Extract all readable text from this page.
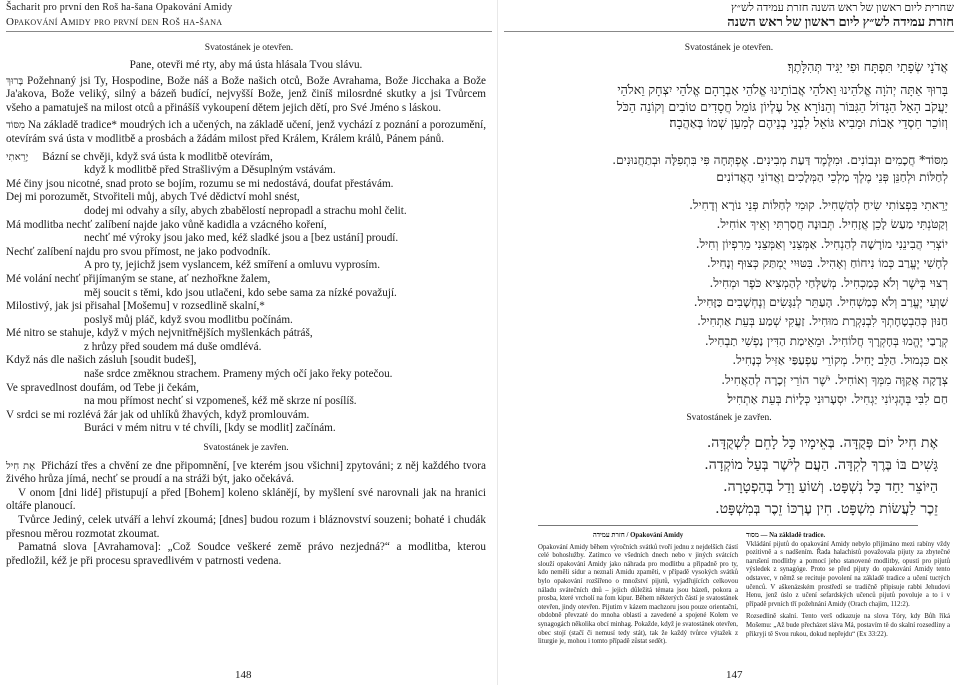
Šacharit pro první den Roš ha-šana Opakování Amidy
Opakování Amidy pro první den Roš ha-šana
Svatostánek je otevřen.

Pane, otevři mé rty, aby má ústa hlásala Tvou slávu.

בָּרוּךְ Požehnaný jsi Ty, Hospodine, Bože náš a Bože našich otců, Bože Avrahama, Bože Jicchaka a Bože Ja'akova, Bože veliký, silný a bázeň budící, nejvyšší Bože, jenž činíš milosrdné skutky a jsi Tvůrcem všeho a pamatuješ na milost otců a přinášíš vykoupení dětem jejich dětí, pro Své Jméno s láskou.

מִסּוֹד Na základě tradice* moudrých ich a učených, na základě učení, jenž vychází z poznání a porozumění, otevírám svá ústa v modlitbě a prosbách a žádám milost před Králem, Králem králů, Pánem pánů.

יָרֵאתִי Bázní se chvěji, když svá ústa k modlitbě otevírám,

když k modlitbě před Strašlivým a Děsuplným vstávám.

Mé činy jsou nicotné, snad proto se bojím, rozumu se mi nedostává, doufat přestávám.

Dej mi porozumět, Stvořiteli můj, abych Tvé dědictví mohl snést,

dodej mi odvahy a síly, abych zbabělostí nepropadl a strachu mohl čelit.

Má modlitba nechť zalíbení najde jako vůně kadidla a vzácného koření,

nechť mé výroky jsou jako med, kéž sladké jsou a [bez ustání] proudí.

Nechť zalíbení najdu pro svou přímost, ne jako podvodník.

A pro ty, jejichž jsem vyslancem, kéž smíření a omluvu vyprosím.

Mé volání nechť přijímaným se stane, ať nezhořkne žalem,

měj soucit s těmi, kdo jsou utlačeni, kdo sebe sama za nízké považují.

Milostivý, jak jsi přisahal [Mošemu] v rozsedlině skalní,*

poslyš můj pláč, když svou modlitbu počínám.

Mé nitro se stahuje, když v mých nejvnitřnějších myšlenkách pátráš,

z hrůzy před soudem má duše omdlévá.

Když nás dle našich zásluh [soudit budeš],

naše srdce změknou strachem. Prameny mých očí jako řeky potečou.

Ve spravedlnost doufám, od Tebe ji čekám,

na mou přímost nechť si vzpomeneš, kéž mě skrze ní posílíš.

V srdci se mi rozlévá žár jak od uhlíků žhavých, když promlouvám.

Buráci v mém nitru v té chvíli, [kdy se modlit] začínám.

Svatostánek je zavřen.

אֶת חִיל Přichází třes a chvění ze dne připomnění, [ve kterém jsou všichni] zpytováni; z něj každého tvora živého hrůza jímá, nechť se proudí a na stráži být, jako očekává.

V onom [dni lidé] přistupují a před [Bohem] koleno sklánějí, by myšlení své narovnali jak na hranici oltáře planoucí.

Tvůrce Jediný, celek utváří a lehví zkoumá; [dnes] budou rozum i bláznovství souzeni; bohaté i chudák přesnou měrou rozmotat zkoumat.

Pamatná slova [Avrahamova]: „Což Soudce veškeré země právo nezjedná?“ a modlitba, kterou předložil, kéž je při procesu spravedlivém v patrnosti vedena.

148
שחרית ליום ראשון של ראש השנה חזרת עמידה לש״ץ
חזרת עמידה לש״ץ ליום ראשון של ראש השנה
Svatostánek je otevřen.
אֲדֹנָי שְׂפָתַי תִּפְתָּח וּפִי יַגִּיד תְּהִלָּתֶךָ׃

בָּרוּךְ אַתָּה יְהֹוָה אֱלֹהֵינוּ וֵאלֹהֵי אֲבוֹתֵינוּ אֱלֹהֵי אַבְרָהָם אֱלֹהֵי יִצְחָק וֵאלֹהֵי

יַעֲקֹב הָאֵל הַגָּדוֹל הַגִּבּוֹר וְהַנּוֹרָא אֵל עֶלְיוֹן גּוֹמֵל חֲסָדִים טוֹבִים וְקוֹנֵה הַכֹּל

וְזוֹכֵר חַסְדֵי אָבוֹת וּמֵבִיא גּוֹאֵל לִבְנֵי בְנֵיהֶם לְמַעַן שְׁמוֹ בְּאַהֲבָה׃

מִסּוֹד* חֲכָמִים וּנְבוֹנִים. וּמִלֶּמֶד דַּעַת מְבִינִים. אֶפְתְּחָה פִּי בִּתְפִלָּה וּבְתַחֲנוּנִים.

לְחַלּוֹת וּלְחַנֵּן פְּנֵי מֶלֶךְ מַלְכֵי הַמְּלָכִים וַאֲדוֹנֵי הָאֲדוֹנִים׃

יָרֵאתִי בִּפְצוֹתִי שִׂיחַ לְהַשְׁחִיל. קוּמִי לְחַלּוֹת פְּנֵי נוֹרָא וְדָחִיל.

וְקַטֹּנְתִּי מַעַשׂ לָכֵן אֲזָחִיל. תְּבוּנָה חֲסַרְתִּי וְאֵיךְ אוֹחִיל.

יוֹצְרִי הֲבִינֵנִי מוֹרָשָׁה לְהַנְחִיל. אַמְּצֵנִי וְאַמְּצֵנִי מֵרִפְיוֹן וְחִיל.

לְחָשִׁי יֶעֱרַב כְּמוֹ נִיחוֹחַ וְאָהִיל. בִּטּוּיִי יֻמְתַּק כְּצוּף וְנָחִיל.

רְצוּי בְּיֹשֶׁר וְלֹא כְּמַכְחִיל. מְשַׁלְּחַי לְהַמְצִיא כֹּפֶר וּמְחִיל.

שַׁוְעִי יֶעֱרַב וְלֹא כְּמַשְׁחִיל. הָעַתֵּר לְנִגָּשִׂים וְנֶחְשָׁבִים כַּזָּחִיל.

חַנּוּן כְּהַבְטָחָתְךָ לִבְנִקְרַת מוּחִיל. זַעֲקִי שְׁמַע בְּעֵת אַתְחִיל.

קְרָבַי יֶהֱמוּ בְּחָקְרָךְ חֲלוֹחִיל. וּמֵאֵימַת הַדִּין נַפְשִׁי תַבְחִיל.

אִם כִּגְמוּל. הַלֵּב יָחִיל. מְקוֹרֵי עַפְעַפַּי אַזִּיל כְּנָחִיל.

צְדָקָה אֲקַוֶּה מִמְּךָ וְאוֹחִיל. יֹשֶׁר הוֹרֵי זְכָרָה לְהַאֲחִיל.

חַם לִבִּי בְּהֶגְיוֹנִי יַגְחִיל. יִסְעָרוּנִי כְּלָיוֹת בְּעֵת אַתְחִיל׃

Svatostánek je zavřen.

אֶת חִיל יוֹם פְּקֻדָּה. בְּאֵימָיו כָּל לָחֵם לִשְׁקֻדָּה.

גָּשִׁים בּוֹ בֶּרֶךְ לְקִדָּה. הַעֲם לְיֹשֶׁר בְּעַל מוֹקְדָה.

הַיּוֹצֵר יַחַד כָּל נִשְׁפָּט. וְשׁוֹעַ וָדַל בְּהַפְטָרָה.

זֵכֶר לַעֲשׂוֹת מִשְׁפָּט. חִין עֶרְכּוֹ זֵכֶר בְּמִשְׁפָּט.

חזרת עמידה / Opakování Amidy

Opakování Amidy během výročních svátků tvoří jednu z nejdelších částí celé bohoslužby. Zatímco ve všedních dnech nebo v jiných svátcích slouží opakování Amidy jako náhrada pro modlitbu a připadně pro ty, kdo neměli sídur a neznali Amidu zpaměti, v případě vysokých svátků bylo opakování rozšířeno o množství pijutů, vyjadřujících celkovou náladu svátečních dnů – jejich důležitá témata jsou bázeň, pokora a prosba, které vrcholí na fom kipur. Během některých částí je svatostánek otevřen, jindy otevřen. Pijutim v kázem machzoru jsou pouze orientační, obdobně převzaté do mnoha oblastí a zavedené a spojené Kolem ve synagogách několika obcí minhag. Pokažde, když je svatostánek otevřen, obec stojí (stačí či nemusí tedy stát), tak že každý tvůrce výtažek z liturgie je, mohou i tomto případě zůstat sedět).

מסוד — Na základě tradice.

Vkládání pijutů do opakování Amidy nebylo přijímáno mezi rabíny vždy pozitivně a s nadšením. Řada halachistů považovala pijuty za zbytečné narušení modlitby a pomocí jeho stanovené modlitby, opustí pro pijutů výsledek z synagóge. Proto se před pijuty do opakování Amidy tento odstavec, v němž se recituje povolení na základě tradice a učení tuctých učenců. V aškenázském prostředí se tradičně připisuje rabbi Jehudovi Henu, jenž úslo z učení sefardských učenců pijutů povoluje a to i v případě prvních tří požehnání Amidy (Orach chajim, 112:2).

Rozsedlině skalní. Tento verš odkazuje na slova Tóry, kdy Bůh říká Mošemu: „Až bude přecházet sláva Má, postavím tě do skalní rozsedliny a přikryji tě Svou rukou, dokud nepřejdu“ (Ex 33:22).

147
